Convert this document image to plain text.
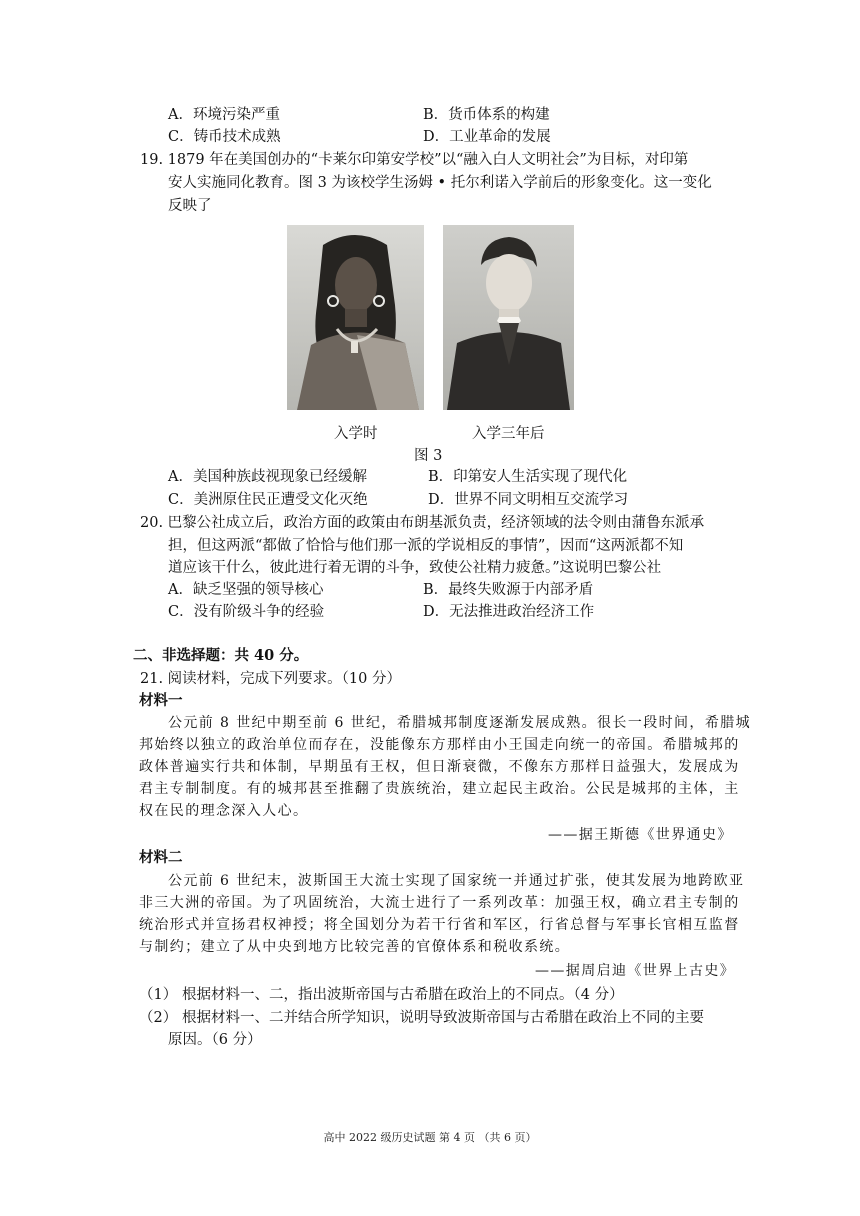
A．环境污染严重	B．货币体系的构建
C．铸币技术成熟	D．工业革命的发展
19. 1879 年在美国创办的“卡莱尔印第安学校”以“融入白人文明社会”为目标，对印第
安人实施同化教育。图 3 为该校学生汤姆 • 托尔利诺入学前后的形象变化。这一变化
反映了
入学时	入学三年后
图 3
A．美国种族歧视现象已经缓解	B．印第安人生活实现了现代化
C．美洲原住民正遭受文化灭绝	D．世界不同文明相互交流学习
20. 巴黎公社成立后，政治方面的政策由布朗基派负责，经济领域的法令则由蒲鲁东派承
担，但这两派“都做了恰恰与他们那一派的学说相反的事情”，因而“这两派都不知
道应该干什么，彼此进行着无谓的斗争，致使公社精力疲惫。”这说明巴黎公社
A．缺乏坚强的领导核心	B．最终失败源于内部矛盾
C．没有阶级斗争的经验	D．无法推进政治经济工作
二、非选择题：共 40 分。
21. 阅读材料，完成下列要求。（10 分）
材料一
公元前 8 世纪中期至前 6 世纪，希腊城邦制度逐渐发展成熟。很长一段时间，希腊城
邦始终以独立的政治单位而存在，没能像东方那样由小王国走向统一的帝国。希腊城邦的
政体普遍实行共和体制，早期虽有王权，但日渐衰微，不像东方那样日益强大，发展成为
君主专制制度。有的城邦甚至推翻了贵族统治，建立起民主政治。公民是城邦的主体，主
权在民的理念深入人心。
——据王斯德《世界通史》
材料二
公元前 6 世纪末，波斯国王大流士实现了国家统一并通过扩张，使其发展为地跨欧亚
非三大洲的帝国。为了巩固统治，大流士进行了一系列改革：加强王权，确立君主专制的
统治形式并宣扬君权神授；将全国划分为若干行省和军区，行省总督与军事长官相互监督
与制约；建立了从中央到地方比较完善的官僚体系和税收系统。
——据周启迪《世界上古史》
（1） 根据材料一、二，指出波斯帝国与古希腊在政治上的不同点。（4 分）
（2） 根据材料一、二并结合所学知识，说明导致波斯帝国与古希腊在政治上不同的主要
原因。（6 分）
高中 2022 级历史试题 第 4 页 （共 6 页）
